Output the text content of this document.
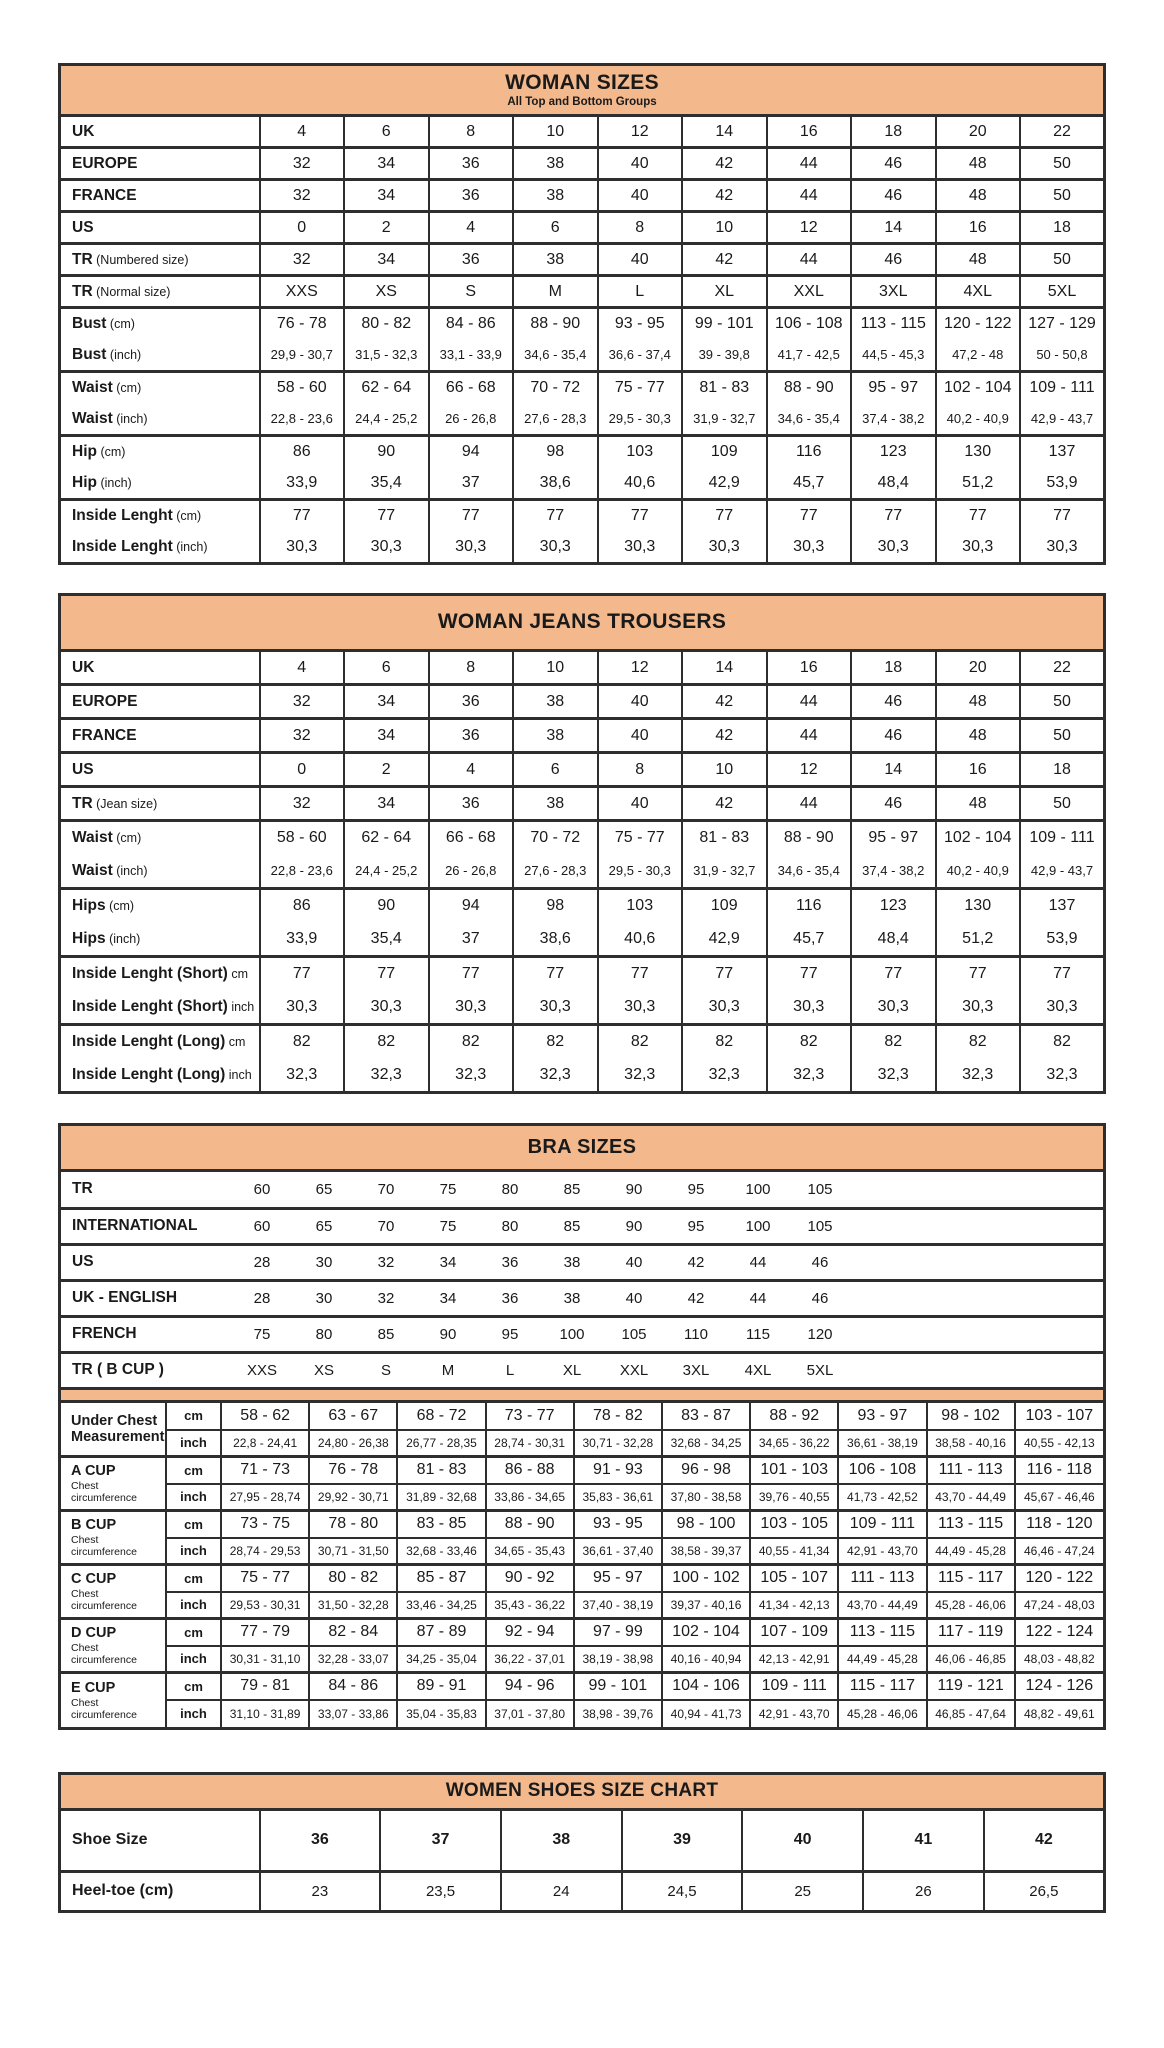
WOMAN SIZES
All Top and Bottom Groups										

UK	4	6	8	10	12	14	16	18	20	22
EUROPE	32	34	36	38	40	42	44	46	48	50
FRANCE	32	34	36	38	40	42	44	46	48	50
US	0	2	4	6	8	10	12	14	16	18
TR (Numbered size)	32	34	36	38	40	42	44	46	48	50
TR (Normal size)	XXS	XS	S	M	L	XL	XXL	3XL	4XL	5XL
Bust (cm)	76 - 78	80 - 82	84 - 86	88 - 90	93 - 95	99 - 101	106 - 108	113 - 115	120 - 122	127 - 129
Bust (inch)	29,9 - 30,7	31,5 - 32,3	33,1 - 33,9	34,6 - 35,4	36,6 - 37,4	39 - 39,8	41,7 - 42,5	44,5 - 45,3	47,2 - 48	50 - 50,8
Waist (cm)	58 - 60	62 - 64	66 - 68	70 - 72	75 - 77	81 - 83	88 - 90	95 - 97	102 - 104	109 - 111
Waist (inch)	22,8 - 23,6	24,4 - 25,2	26 - 26,8	27,6 - 28,3	29,5 - 30,3	31,9 - 32,7	34,6 - 35,4	37,4 - 38,2	40,2 - 40,9	42,9 - 43,7
Hip (cm)	86	90	94	98	103	109	116	123	130	137
Hip (inch)	33,9	35,4	37	38,6	40,6	42,9	45,7	48,4	51,2	53,9
Inside Lenght (cm)	77	77	77	77	77	77	77	77	77	77
Inside Lenght (inch)	30,3	30,3	30,3	30,3	30,3	30,3	30,3	30,3	30,3	30,3
WOMAN JEANS TROUSERS										

UK	4	6	8	10	12	14	16	18	20	22
EUROPE	32	34	36	38	40	42	44	46	48	50
FRANCE	32	34	36	38	40	42	44	46	48	50
US	0	2	4	6	8	10	12	14	16	18
TR (Jean size)	32	34	36	38	40	42	44	46	48	50
Waist (cm)	58 - 60	62 - 64	66 - 68	70 - 72	75 - 77	81 - 83	88 - 90	95 - 97	102 - 104	109 - 111
Waist (inch)	22,8 - 23,6	24,4 - 25,2	26 - 26,8	27,6 - 28,3	29,5 - 30,3	31,9 - 32,7	34,6 - 35,4	37,4 - 38,2	40,2 - 40,9	42,9 - 43,7
Hips (cm)	86	90	94	98	103	109	116	123	130	137
Hips (inch)	33,9	35,4	37	38,6	40,6	42,9	45,7	48,4	51,2	53,9
Inside Lenght (Short) cm	77	77	77	77	77	77	77	77	77	77
Inside Lenght (Short) inch	30,3	30,3	30,3	30,3	30,3	30,3	30,3	30,3	30,3	30,3
Inside Lenght (Long) cm	82	82	82	82	82	82	82	82	82	82
Inside Lenght (Long) inch	32,3	32,3	32,3	32,3	32,3	32,3	32,3	32,3	32,3	32,3
BRA SIZES
TR	60	65	70	75	80	85	90	95	100	105	
INTERNATIONAL	60	65	70	75	80	85	90	95	100	105	
US	28	30	32	34	36	38	40	42	44	46	
UK - ENGLISH	28	30	32	34	36	38	40	42	44	46	
FRENCH	75	80	85	90	95	100	105	110	115	120	
TR ( B CUP )	XXS	XS	S	M	L	XL	XXL	3XL	4XL	5XL	
Under Chest Measurement	cm	58 - 62	63 - 67	68 - 72	73 - 77	78 - 82	83 - 87	88 - 92	93 - 97	98 - 102	103 - 107
	inch	22,8 - 24,41	24,80 - 26,38	26,77 - 28,35	28,74 - 30,31	30,71 - 32,28	32,68 - 34,25	34,65 - 36,22	36,61 - 38,19	38,58 - 40,16	40,55 - 42,13

A CUP
Chest circumference	cm	71 - 73	76 - 78	81 - 83	86 - 88	91 - 93	96 - 98	101 - 103	106 - 108	111 - 113	116 - 118
	inch	27,95 - 28,74	29,92 - 30,71	31,89 - 32,68	33,86 - 34,65	35,83 - 36,61	37,80 - 38,58	39,76 - 40,55	41,73 - 42,52	43,70 - 44,49	45,67 - 46,46

B CUP
Chest circumference	cm	73 - 75	78 - 80	83 - 85	88 - 90	93 - 95	98 - 100	103 - 105	109 - 111	113 - 115	118 - 120
	inch	28,74 - 29,53	30,71 - 31,50	32,68 - 33,46	34,65 - 35,43	36,61 - 37,40	38,58 - 39,37	40,55 - 41,34	42,91 - 43,70	44,49 - 45,28	46,46 - 47,24

C CUP
Chest circumference	cm	75 - 77	80 - 82	85 - 87	90 - 92	95 - 97	100 - 102	105 - 107	111 - 113	115 - 117	120 - 122
	inch	29,53 - 30,31	31,50 - 32,28	33,46 - 34,25	35,43 - 36,22	37,40 - 38,19	39,37 - 40,16	41,34 - 42,13	43,70 - 44,49	45,28 - 46,06	47,24 - 48,03

D CUP
Chest circumference	cm	77 - 79	82 - 84	87 - 89	92 - 94	97 - 99	102 - 104	107 - 109	113 - 115	117 - 119	122 - 124
	inch	30,31 - 31,10	32,28 - 33,07	34,25 - 35,04	36,22 - 37,01	38,19 - 38,98	40,16 - 40,94	42,13 - 42,91	44,49 - 45,28	46,06 - 46,85	48,03 - 48,82

E CUP
Chest circumference	cm	79 - 81	84 - 86	89 - 91	94 - 96	99 - 101	104 - 106	109 - 111	115 - 117	119 - 121	124 - 126
	inch	31,10 - 31,89	33,07 - 33,86	35,04 - 35,83	37,01 - 37,80	38,98 - 39,76	40,94 - 41,73	42,91 - 43,70	45,28 - 46,06	46,85 - 47,64	48,82 - 49,61
WOMEN SHOES SIZE CHART							

Shoe Size	36	37	38	39	40	41	42
Heel-toe (cm)	23	23,5	24	24,5	25	26	26,5
